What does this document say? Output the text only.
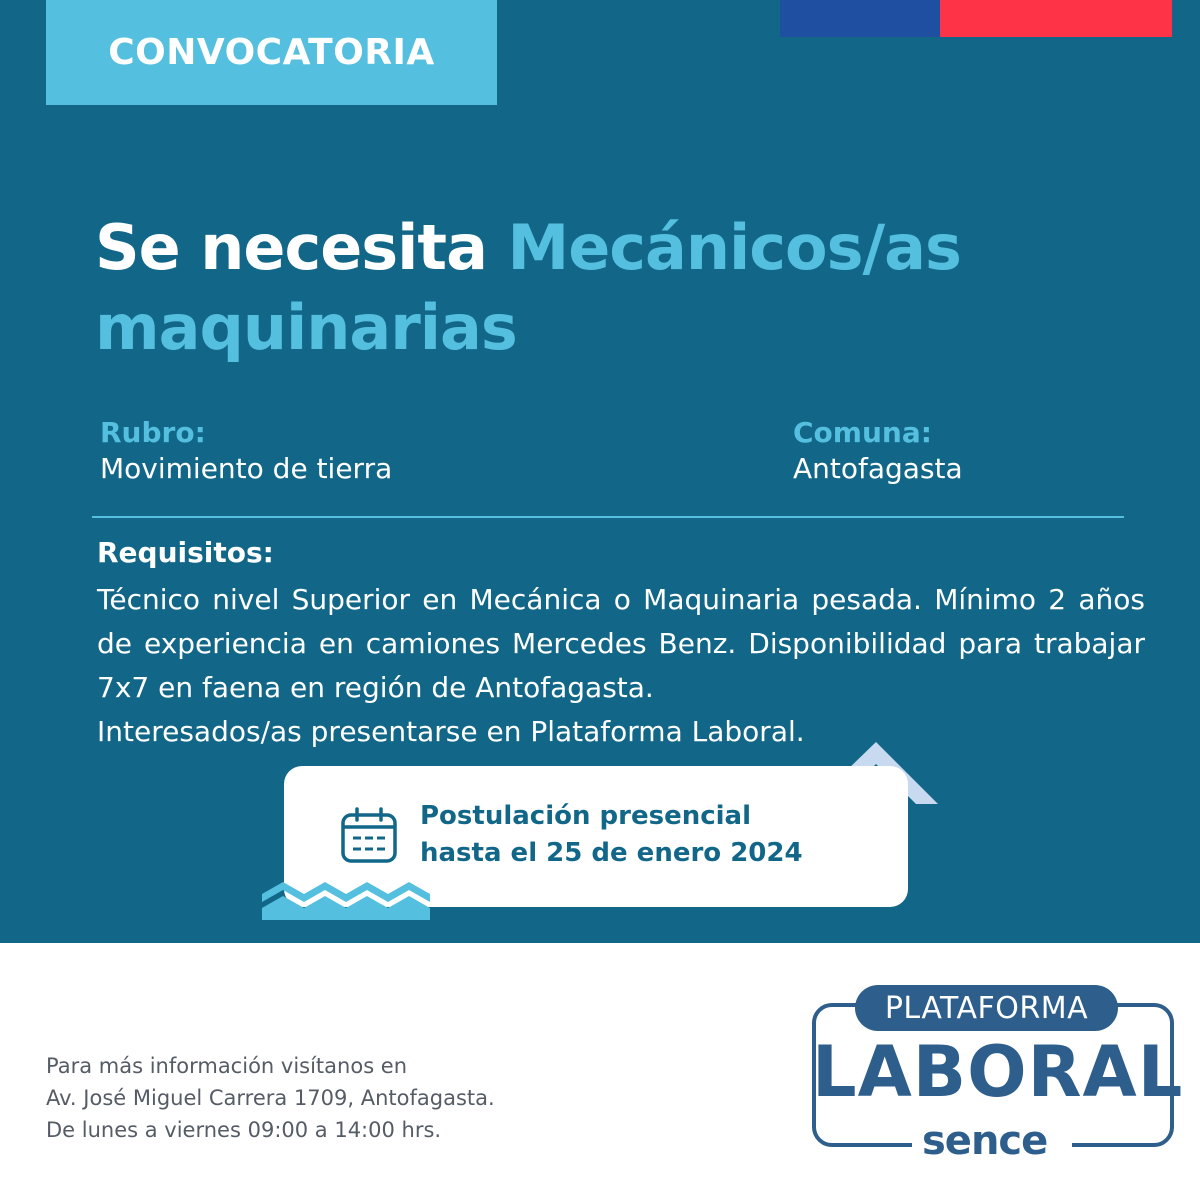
CONVOCATORIA
Se necesita Mecánicos/as
maquinarias
Rubro:
Movimiento de tierra
Comuna:
Antofagasta
Requisitos:
Técnico nivel Superior en Mecánica o Maquinaria pesada. Mínimo 2 años de experiencia en camiones Mercedes Benz. Disponibilidad para trabajar 7x7 en faena en región de Antofagasta.
Interesados/as presentarse en Plataforma Laboral.
Postulación presencial
hasta el 25 de enero 2024
Para más información visítanos en
Av. José Miguel Carrera 1709, Antofagasta.
De lunes a viernes 09:00 a 14:00 hrs.
PLATAFORMA
LABORAL
sence
